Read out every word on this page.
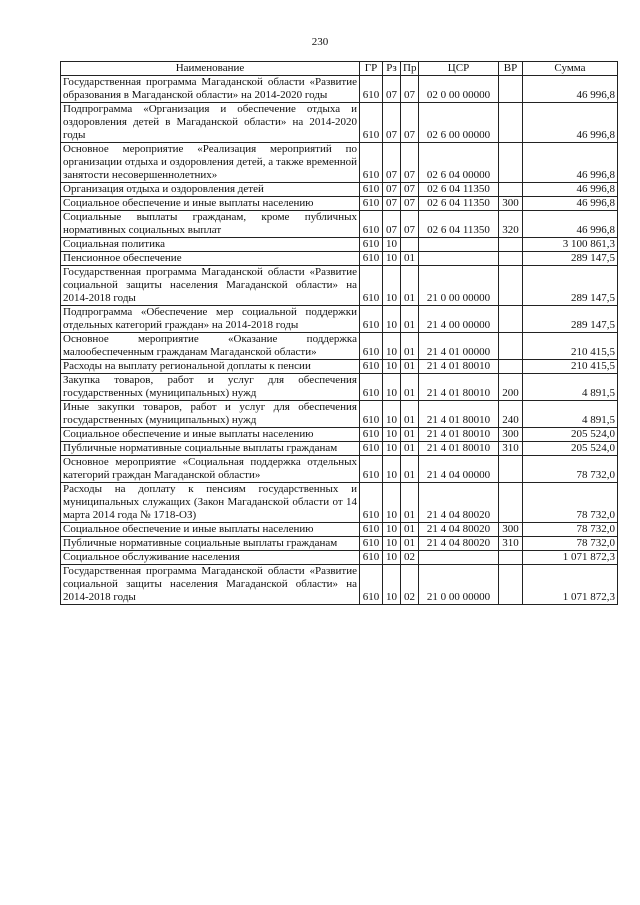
230
Наименование	ГР	Рз	Пр	ЦСР	ВР	Сумма
Государственная программа Магаданской области «Развитие образования в Магаданской области» на 2014-2020 годы	610	07	07	02 0 00 00000		46 996,8
Подпрограмма «Организация и обеспечение отдыха и оздоровления детей в Магаданской области» на 2014-2020 годы	610	07	07	02 6 00 00000		46 996,8
Основное мероприятие «Реализация мероприятий по организации отдыха и оздоровления детей, а также временной занятости несовершеннолетних»	610	07	07	02 6 04 00000		46 996,8
Организация отдыха и оздоровления детей	610	07	07	02 6 04 11350		46 996,8
Социальное обеспечение и иные выплаты населению	610	07	07	02 6 04 11350	300	46 996,8
Социальные выплаты гражданам, кроме публичных нормативных социальных выплат	610	07	07	02 6 04 11350	320	46 996,8
Социальная политика	610	10				3 100 861,3
Пенсионное обеспечение	610	10	01			289 147,5
Государственная программа Магаданской области «Развитие социальной защиты населения Магаданской области» на 2014-2018 годы	610	10	01	21 0 00 00000		289 147,5
Подпрограмма «Обеспечение мер социальной поддержки отдельных категорий граждан» на 2014-2018 годы	610	10	01	21 4 00 00000		289 147,5
Основное мероприятие «Оказание поддержка малообеспеченным гражданам Магаданской области»	610	10	01	21 4 01 00000		210 415,5
Расходы на выплату региональной доплаты к пенсии	610	10	01	21 4 01 80010		210 415,5
Закупка товаров, работ и услуг для обеспечения государственных (муниципальных) нужд	610	10	01	21 4 01 80010	200	4 891,5
Иные закупки товаров, работ и услуг для обеспечения государственных (муниципальных) нужд	610	10	01	21 4 01 80010	240	4 891,5
Социальное обеспечение и иные выплаты населению	610	10	01	21 4 01 80010	300	205 524,0
Публичные нормативные социальные выплаты гражданам	610	10	01	21 4 01 80010	310	205 524,0
Основное мероприятие «Социальная поддержка отдельных категорий граждан Магаданской области»	610	10	01	21 4 04 00000		78 732,0
Расходы на доплату к пенсиям государственных и муниципальных служащих (Закон Магаданской области от 14 марта 2014 года № 1718-ОЗ)	610	10	01	21 4 04 80020		78 732,0
Социальное обеспечение и иные выплаты населению	610	10	01	21 4 04 80020	300	78 732,0
Публичные нормативные социальные выплаты гражданам	610	10	01	21 4 04 80020	310	78 732,0
Социальное обслуживание населения	610	10	02			1 071 872,3
Государственная программа Магаданской области «Развитие социальной защиты населения Магаданской области» на 2014-2018 годы	610	10	02	21 0 00 00000		1 071 872,3
